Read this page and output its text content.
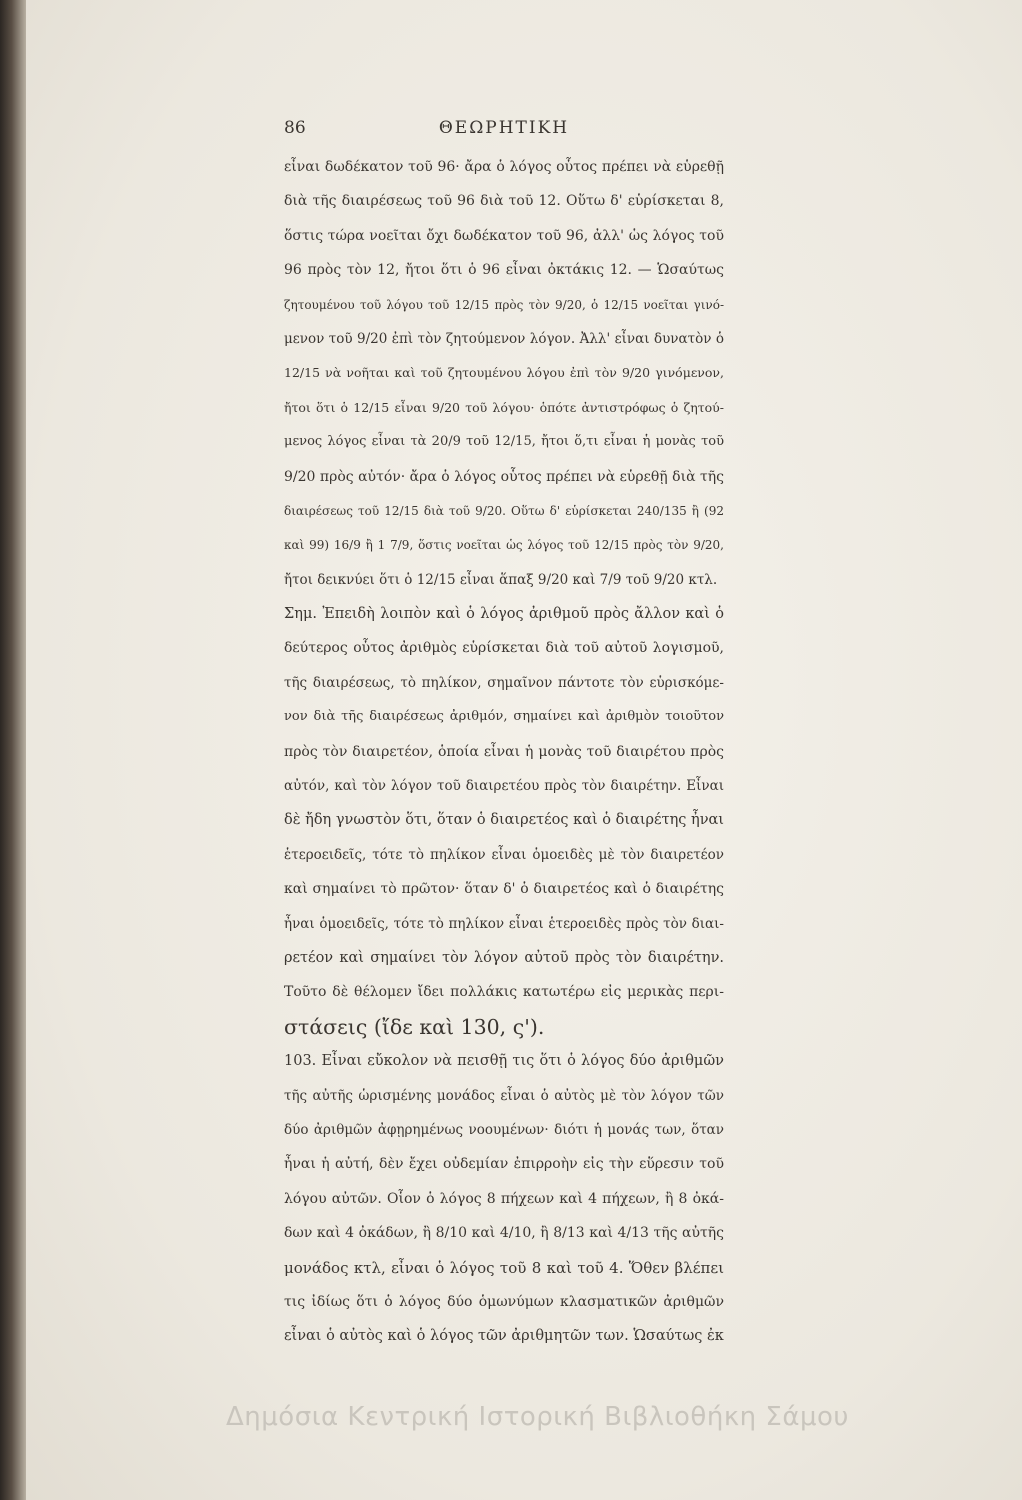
86	ΘΕΩΡΗΤΙΚΗ
εἶναι δωδέκατον τοῦ 96· ἄρα ὁ λόγος οὗτος πρέπει νὰ εὑρεθῇ
διὰ τῆς διαιρέσεως τοῦ 96 διὰ τοῦ 12. Οὕτω δ' εὑρίσκεται 8,
ὅστις τώρα νοεῖται ὄχι δωδέκατον τοῦ 96, ἀλλ' ὡς λόγος τοῦ
96 πρὸς τὸν 12, ἤτοι ὅτι ὁ 96 εἶναι ὀκτάκις 12. — Ὡσαύτως
ζητουμένου τοῦ λόγου τοῦ 12/15 πρὸς τὸν 9/20, ὁ 12/15 νοεῖται γινό-
μενον τοῦ 9/20 ἐπὶ τὸν ζητούμενον λόγον. Ἀλλ' εἶναι δυνατὸν ὁ
12/15 νὰ νοῆται καὶ τοῦ ζητουμένου λόγου ἐπὶ τὸν 9/20 γινόμενον,
ἤτοι ὅτι ὁ 12/15 εἶναι 9/20 τοῦ λόγου· ὁπότε ἀντιστρόφως ὁ ζητού-
μενος λόγος εἶναι τὰ 20/9 τοῦ 12/15, ἤτοι ὅ,τι εἶναι ἡ μονὰς τοῦ
9/20 πρὸς αὐτόν· ἄρα ὁ λόγος οὗτος πρέπει νὰ εὑρεθῇ διὰ τῆς
διαιρέσεως τοῦ 12/15 διὰ τοῦ 9/20. Οὕτω δ' εὑρίσκεται 240/135 ἢ (92
καὶ 99) 16/9 ἢ 1 7/9, ὅστις νοεῖται ὡς λόγος τοῦ 12/15 πρὸς τὸν 9/20,
ἤτοι δεικνύει ὅτι ὁ 12/15 εἶναι ἅπαξ 9/20 καὶ 7/9 τοῦ 9/20 κτλ.
Σημ. Ἐπειδὴ λοιπὸν καὶ ὁ λόγος ἀριθμοῦ πρὸς ἄλλον καὶ ὁ
δεύτερος οὗτος ἀριθμὸς εὑρίσκεται διὰ τοῦ αὐτοῦ λογισμοῦ,
τῆς διαιρέσεως, τὸ πηλίκον, σημαῖνον πάντοτε τὸν εὑρισκόμε-
νον διὰ τῆς διαιρέσεως ἀριθμόν, σημαίνει καὶ ἀριθμὸν τοιοῦτον
πρὸς τὸν διαιρετέον, ὁποία εἶναι ἡ μονὰς τοῦ διαιρέτου πρὸς
αὐτόν, καὶ τὸν λόγον τοῦ διαιρετέου πρὸς τὸν διαιρέτην. Εἶναι
δὲ ἤδη γνωστὸν ὅτι, ὅταν ὁ διαιρετέος καὶ ὁ διαιρέτης ἦναι
ἑτεροειδεῖς, τότε τὸ πηλίκον εἶναι ὁμοειδὲς μὲ τὸν διαιρετέον
καὶ σημαίνει τὸ πρῶτον· ὅταν δ' ὁ διαιρετέος καὶ ὁ διαιρέτης
ἦναι ὁμοειδεῖς, τότε τὸ πηλίκον εἶναι ἑτεροειδὲς πρὸς τὸν διαι-
ρετέον καὶ σημαίνει τὸν λόγον αὐτοῦ πρὸς τὸν διαιρέτην.
Τοῦτο δὲ θέλομεν ἴδει πολλάκις κατωτέρω εἰς μερικὰς περι-
στάσεις (ἴδε καὶ 130, ς').
103. Εἶναι εὔκολον νὰ πεισθῇ τις ὅτι ὁ λόγος δύο ἀριθμῶν
τῆς αὐτῆς ὡρισμένης μονάδος εἶναι ὁ αὐτὸς μὲ τὸν λόγον τῶν
δύο ἀριθμῶν ἀφῃρημένως νοουμένων· διότι ἡ μονάς των, ὅταν
ἦναι ἡ αὐτή, δὲν ἔχει οὐδεμίαν ἐπιρροὴν εἰς τὴν εὕρεσιν τοῦ
λόγου αὐτῶν. Οἷον ὁ λόγος 8 πήχεων καὶ 4 πήχεων, ἢ 8 ὀκά-
δων καὶ 4 ὀκάδων, ἢ 8/10 καὶ 4/10, ἢ 8/13 καὶ 4/13 τῆς αὐτῆς
μονάδος κτλ, εἶναι ὁ λόγος τοῦ 8 καὶ τοῦ 4. Ὅθεν βλέπει
τις ἰδίως ὅτι ὁ λόγος δύο ὁμωνύμων κλασματικῶν ἀριθμῶν
εἶναι ὁ αὐτὸς καὶ ὁ λόγος τῶν ἀριθμητῶν των. Ὡσαύτως ἐκ
Δημόσια Κεντρική Ιστορική Βιβλιοθήκη Σάμου
